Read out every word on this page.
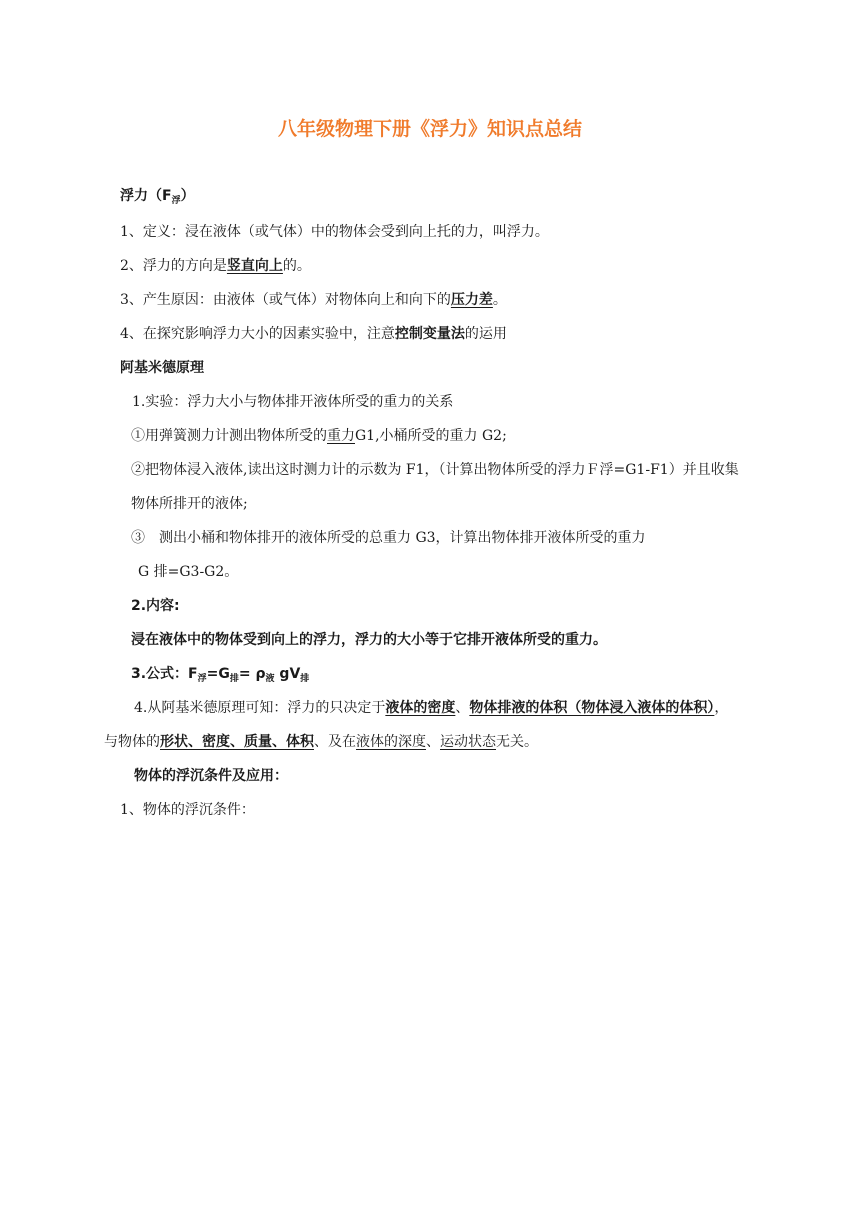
八年级物理下册《浮力》知识点总结

浮力$(F_浮)$

1、定义：浸在液体（或气体）中的物体会受到向上托的力，叫浮力。

2、浮力的方向是竖直向上的。

3、产生原因：由液体（或气体）对物体向上和向下的压力差。

4、在探究影响浮力大小的因素实验中，注意控制变量法的运用

阿基米德原理

1.实验：浮力大小与物体排开液体所受的重力的关系

①用弹簧测力计测出物体所受的重力G1,小桶所受的重力 G2;

②把物体浸入液体,读出这时测力计的示数为 F1，（计算出物体所受的浮力Ｆ浮=G1-F1）并且收集

物体所排开的液体;

③　测出小桶和物体排开的液体所受的总重力 G3，计算出物体排开液体所受的重力

G 排=G3-G2。

2.内容:

浸在液体中的物体受到向上的浮力，浮力的大小等于它排开液体所受的重力。

3.公式：$F_浮=G_排= \rho_液$ $gV_排$

4.从阿基米德原理可知：浮力的只决定于液体的密度、物体排液的体积（物体浸入液体的体积），

与物体的形状、密度、质量、体积、及在液体的深度、运动状态无关。

物体的浮沉条件及应用：

1、物体的浮沉条件：
